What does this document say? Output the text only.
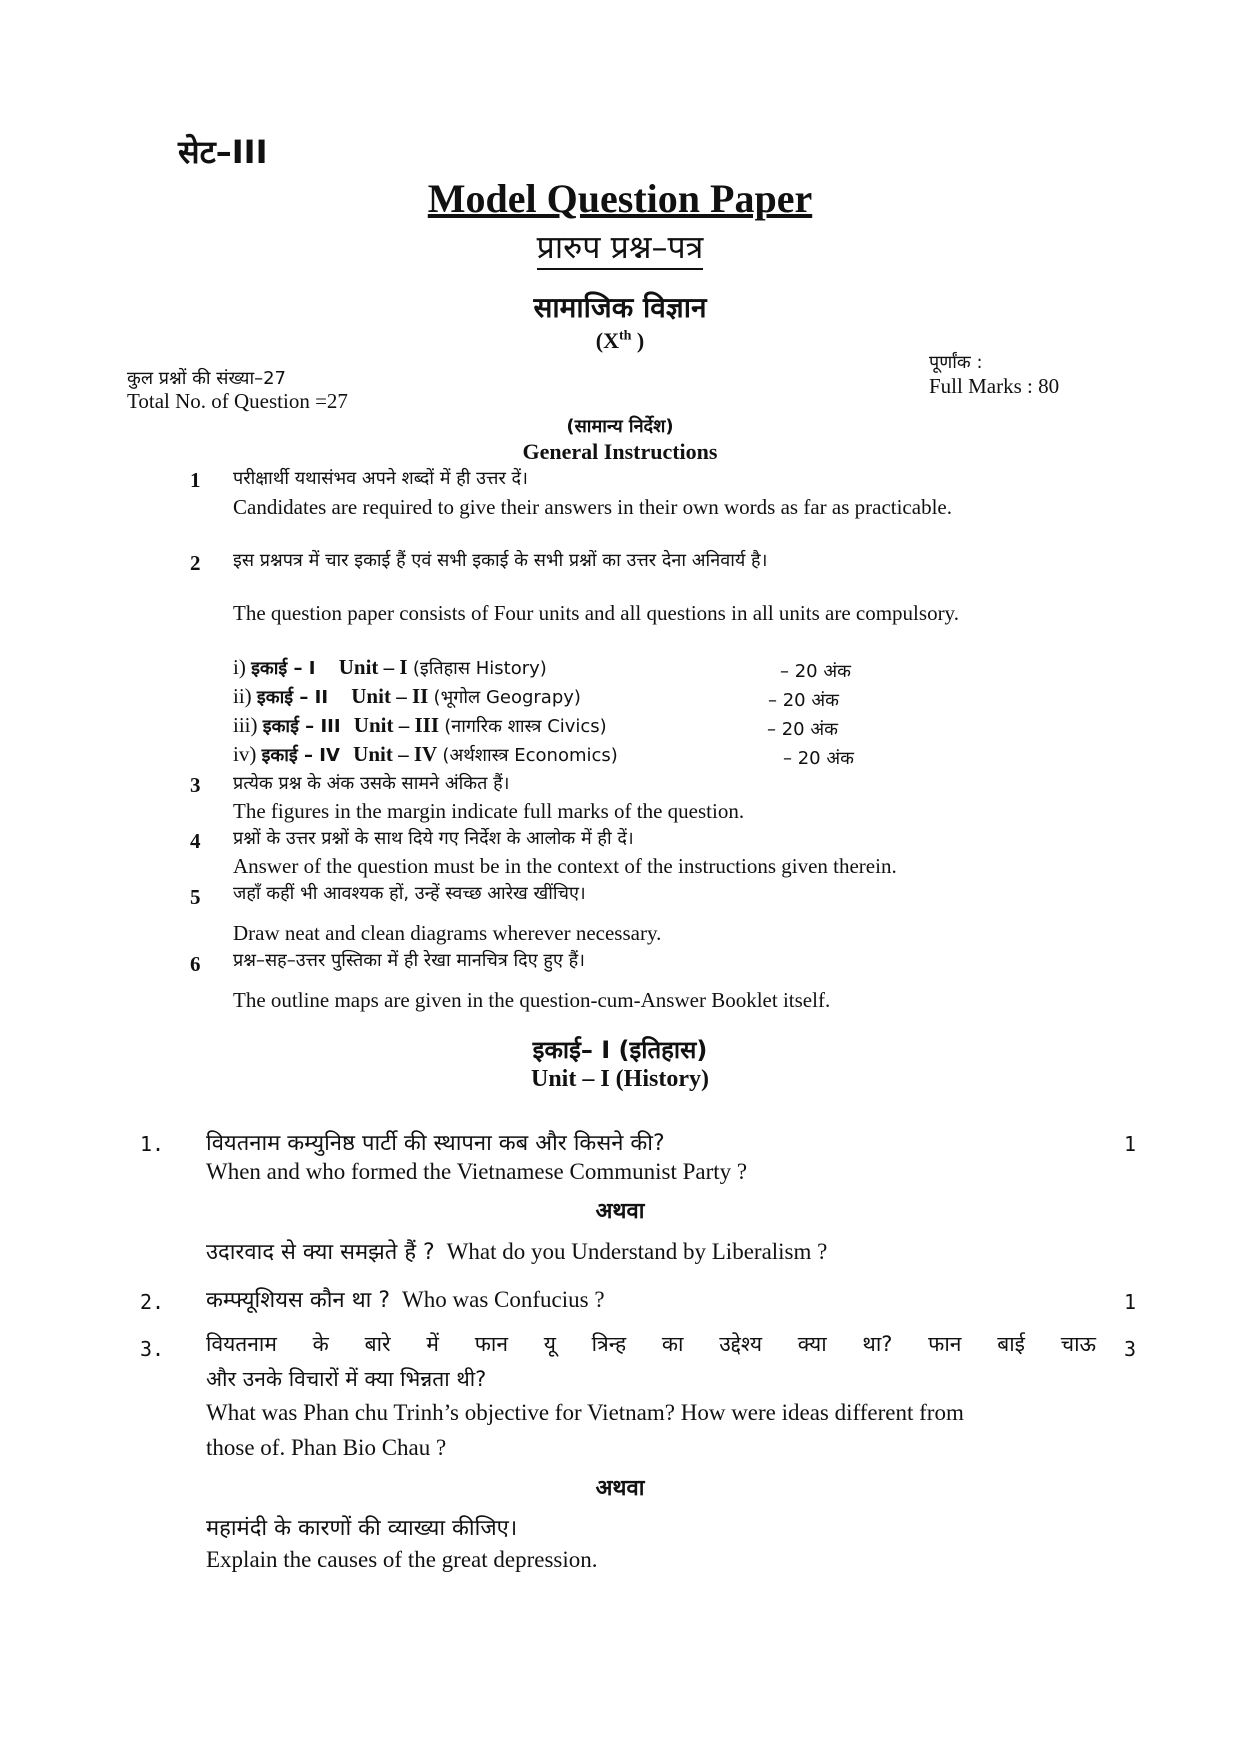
सेट–III
Model Question Paper
प्रारुप प्रश्न–पत्र
सामाजिक विज्ञान
(Xth )
कुल प्रश्नों की संख्या–27
Total No. of Question =27
पूर्णांक :
Full Marks : 80
(सामान्य निर्देश)
General Instructions
1 परीक्षार्थी यथासंभव अपने शब्दों में ही उत्तर दें।
Candidates are required to give their answers in their own words as far as practicable.
2 इस प्रश्नपत्र में चार इकाई हैं एवं सभी इकाई के सभी प्रश्नों का उत्तर देना अनिवार्य है।
The question paper consists of Four units and all questions in all units are compulsory.
i) इकाई – I Unit – I (इतिहास History)	– 20 अंक
ii) इकाई – II Unit – II (भूगोल Geograpy)	– 20 अंक
iii) इकाई – III Unit – III (नागरिक शास्त्र Civics)	– 20 अंक
iv) इकाई – IV Unit – IV (अर्थशास्त्र Economics)	– 20 अंक
3 प्रत्येक प्रश्न के अंक उसके सामने अंकित हैं।
The figures in the margin indicate full marks of the question.
4 प्रश्नों के उत्तर प्रश्नों के साथ दिये गए निर्देश के आलोक में ही दें।
Answer of the question must be in the context of the instructions given therein.
5 जहाँ कहीं भी आवश्यक हों, उन्हें स्वच्छ आरेख खींचिए।
Draw neat and clean diagrams wherever necessary.
6 प्रश्न–सह–उत्तर पुस्तिका में ही रेखा मानचित्र दिए हुए हैं।
The outline maps are given in the question-cum-Answer Booklet itself.
इकाई– I (इतिहास)
Unit – I (History)
1. वियतनाम कम्युनिष्ठ पार्टी की स्थापना कब और किसने की?	1
When and who formed the Vietnamese Communist Party ?
अथवा
उदारवाद से क्या समझते हैं ? What do you Understand by Liberalism ?
2. कम्फ्यूशियस कौन था ? Who was Confucius ?	1
3. वियतनाम के बारे में फान यू त्रिन्ह का उद्देश्य क्या था? फान बाई चाऊ 3
और उनके विचारों में क्या भिन्नता थी?
What was Phan chu Trinh’s objective for Vietnam? How were ideas different from
those of. Phan Bio Chau ?
अथवा
महामंदी के कारणों की व्याख्या कीजिए।
Explain the causes of the great depression.
